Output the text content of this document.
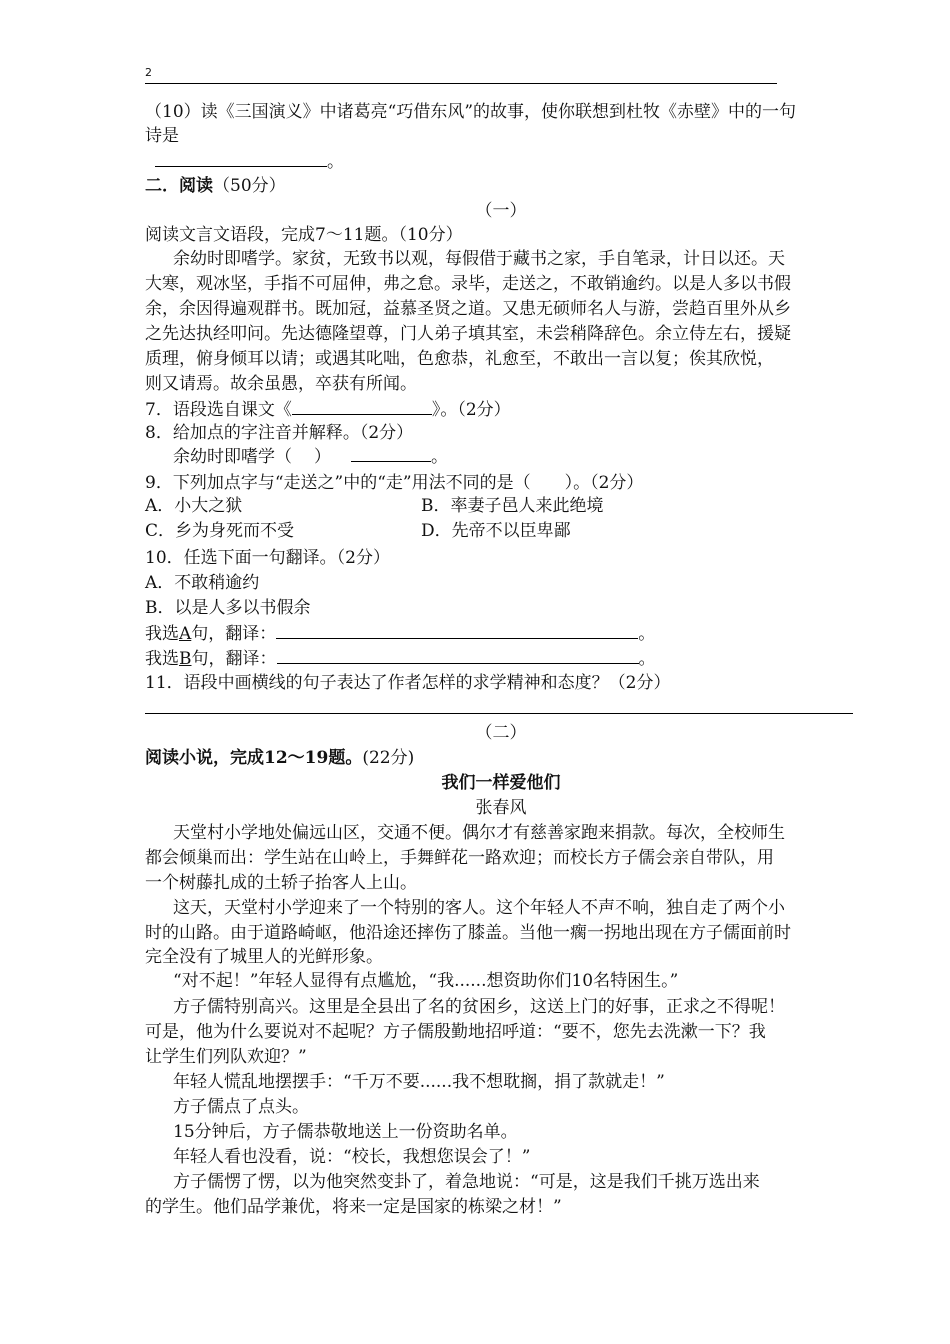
2
（10）读《三国演义》中诸葛亮“巧借东风”的故事，使你联想到杜牧《赤壁》中的一句
诗是
。
二．阅读（50分）
（一）
阅读文言文语段，完成7～11题。（10分）
余幼时即嗜学。家贫，无致书以观，每假借于藏书之家，手自笔录，计日以还。天
大寒，观冰坚，手指不可屈伸，弗之怠。录毕，走送之，不敢销逾约。以是人多以书假
余，余因得遍观群书。既加冠，益慕圣贤之道。又患无硕师名人与游，尝趋百里外从乡
之先达执经叩问。先达德隆望尊，门人弟子填其室，未尝稍降辞色。余立侍左右，援疑
质理，俯身倾耳以请；或遇其叱咄，色愈恭，礼愈至，不敢出一言以复；俟其欣悦，
则又请焉。故余虽愚，卒获有所闻。
7．语段选自课文《	》。（2分）
8．给加点的字注音并解释。（2分）
余幼时即嗜学（ ）	。
9．下列加点字与“走送之”中的“走”用法不同的是（　　）。（2分）
A．小大之狱	B．率妻子邑人来此绝境
C．乡为身死而不受	D．先帝不以臣卑鄙
10．任选下面一句翻译。（2分）
A．不敢稍逾约
B．以是人多以书假余
我选A句，翻译：	。
我选B句，翻译：	。
11．语段中画横线的句子表达了作者怎样的求学精神和态度？（2分）
（二）
阅读小说，完成12～19题。(22分)
我们一样爱他们
张春风
天堂村小学地处偏远山区，交通不便。偶尔才有慈善家跑来捐款。每次，全校师生
都会倾巢而出：学生站在山岭上，手舞鲜花一路欢迎；而校长方子儒会亲自带队，用
一个树藤扎成的土轿子抬客人上山。
这天，天堂村小学迎来了一个特别的客人。这个年轻人不声不响，独自走了两个小
时的山路。由于道路崎岖，他沿途还摔伤了膝盖。当他一瘸一拐地出现在方子儒面前时
完全没有了城里人的光鲜形象。
“对不起！”年轻人显得有点尴尬，“我......想资助你们10名特困生。”
方子儒特别高兴。这里是全县出了名的贫困乡，这送上门的好事，正求之不得呢！
可是，他为什么要说对不起呢？方子儒殷勤地招呼道：“要不，您先去洗漱一下？我
让学生们列队欢迎？”
年轻人慌乱地摆摆手：“千万不要......我不想耽搁，捐了款就走！”
方子儒点了点头。
15分钟后，方子儒恭敬地送上一份资助名单。
年轻人看也没看，说：“校长，我想您误会了！”
方子儒愣了愣，以为他突然变卦了，着急地说：“可是，这是我们千挑万选出来
的学生。他们品学兼优，将来一定是国家的栋梁之材！”
